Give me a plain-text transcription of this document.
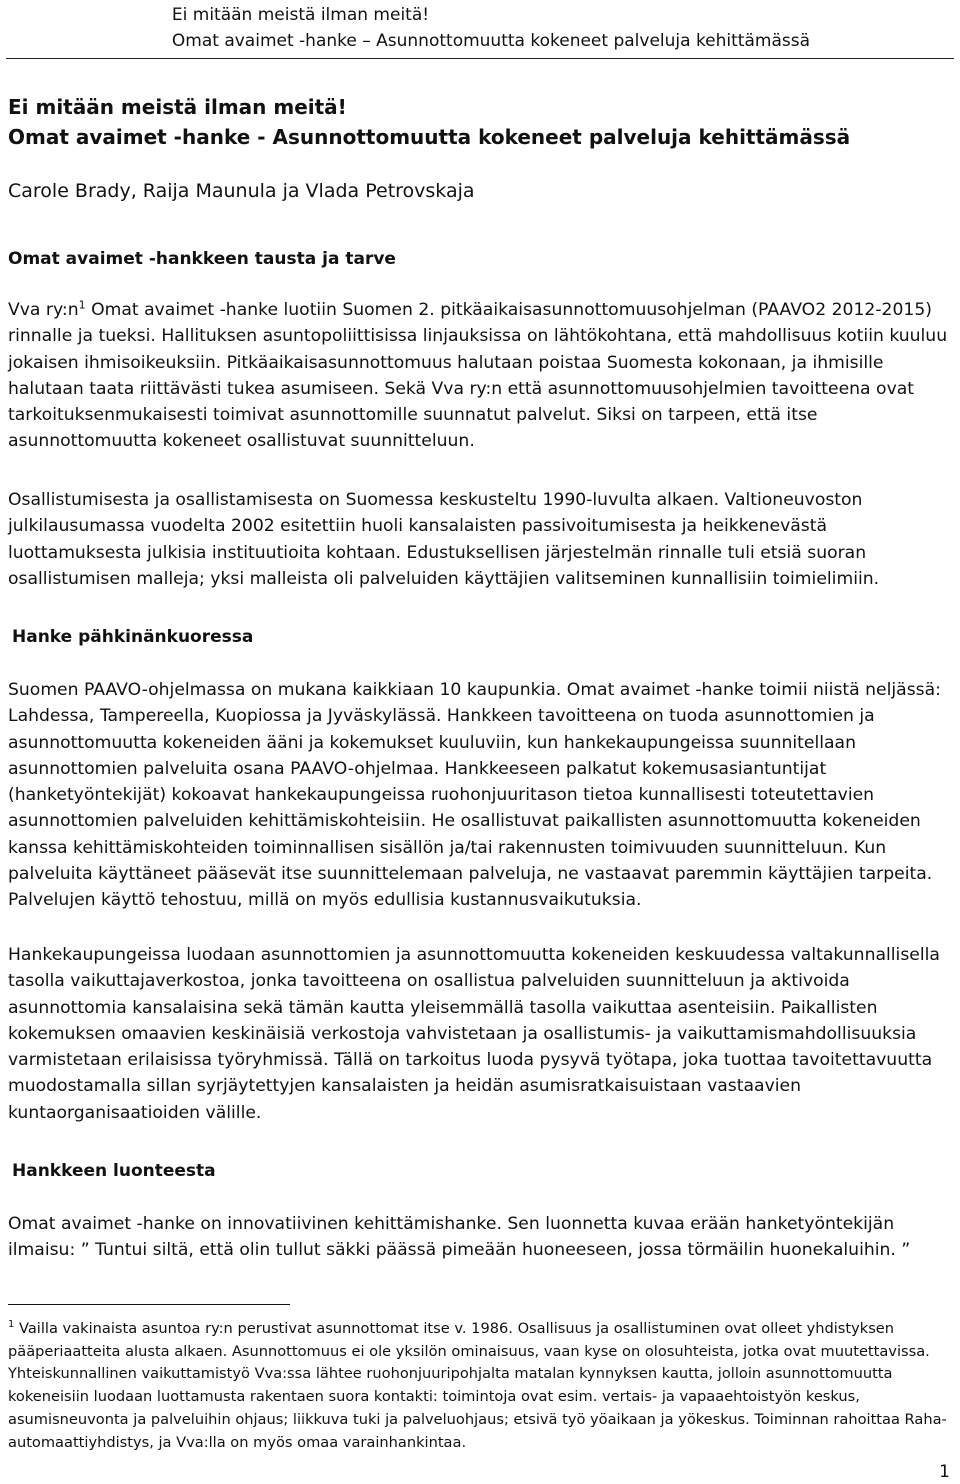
Ei mitään meistä ilman meitä!
Omat avaimet -hanke – Asunnottomuutta kokeneet palveluja kehittämässä
Ei mitään meistä ilman meitä!
Omat avaimet -hanke - Asunnottomuutta kokeneet palveluja kehittämässä
Carole Brady, Raija Maunula ja Vlada Petrovskaja
Omat avaimet -hankkeen tausta ja tarve

Vva $ry:n^1$ Omat avaimet -hanke luotiin Suomen 2. pitkäaikaisasunnottomuusohjelman (PAAVO2 2012-2015) rinnalle ja tueksi. Hallituksen asuntopoliittisissa linjauksissa on lähtökohtana, että mahdollisuus kotiin kuuluu jokaisen ihmisoikeuksiin. Pitkäaikaisasunnottomuus halutaan poistaa Suomesta kokonaan, ja ihmisille halutaan taata riittävästi tukea asumiseen. Sekä Vva ry:n että asunnottomuusohjelmien tavoitteena ovat tarkoituksenmukaisesti toimivat asunnottomille suunnatut palvelut. Siksi on tarpeen, että itse asunnottomuutta kokeneet osallistuvat suunnitteluun.

Osallistumisesta ja osallistamisesta on Suomessa keskusteltu 1990-luvulta alkaen. Valtioneuvoston julkilausumassa vuodelta 2002 esitettiin huoli kansalaisten passivoitumisesta ja heikkenevästä luottamuksesta julkisia instituutioita kohtaan. Edustuksellisen järjestelmän rinnalle tuli etsiä suoran osallistumisen malleja; yksi malleista oli palveluiden käyttäjien valitseminen kunnallisiin toimielimiin.

Hanke pähkinänkuoressa

Suomen PAAVO-ohjelmassa on mukana kaikkiaan 10 kaupunkia. Omat avaimet -hanke toimii niistä neljässä: Lahdessa, Tampereella, Kuopiossa ja Jyväskylässä. Hankkeen tavoitteena on tuoda asunnottomien ja asunnottomuutta kokeneiden ääni ja kokemukset kuuluviin, kun hankekaupungeissa suunnitellaan asunnottomien palveluita osana PAAVO-ohjelmaa. Hankkeeseen palkatut kokemusasiantuntijat (hanketyöntekijät) kokoavat hankekaupungeissa ruohonjuuritason tietoa kunnallisesti toteutettavien asunnottomien palveluiden kehittämiskohteisiin. He osallistuvat paikallisten asunnottomuutta kokeneiden kanssa kehittämiskohteiden toiminnallisen sisällön ja/tai rakennusten toimivuuden suunnitteluun. Kun palveluita käyttäneet pääsevät itse suunnittelemaan palveluja, ne vastaavat paremmin käyttäjien tarpeita. Palvelujen käyttö tehostuu, millä on myös edullisia kustannusvaikutuksia.

Hankekaupungeissa luodaan asunnottomien ja asunnottomuutta kokeneiden keskuudessa valtakunnallisella tasolla vaikuttajaverkostoa, jonka tavoitteena on osallistua palveluiden suunnitteluun ja aktivoida asunnottomia kansalaisina sekä tämän kautta yleisemmällä tasolla vaikuttaa asenteisiin. Paikallisten kokemuksen omaavien keskinäisiä verkostoja vahvistetaan ja osallistumis- ja vaikuttamismahdollisuuksia varmistetaan erilaisissa työryhmissä. Tällä on tarkoitus luoda pysyvä työtapa, joka tuottaa tavoitettavuutta muodostamalla sillan syrjäytettyjen kansalaisten ja heidän asumisratkaisuistaan vastaavien kuntaorganisaatioiden välille.

Hankkeen luonteesta

Omat avaimet -hanke on innovatiivinen kehittämishanke. Sen luonnetta kuvaa erään hanketyöntekijän ilmaisu: ” Tuntui siltä, että olin tullut säkki päässä pimeään huoneeseen, jossa törmäilin huonekaluihin. ”

$^1$ Vailla vakinaista asuntoa ry:n perustivat asunnottomat itse v. 1986. Osallisuus ja osallistuminen ovat olleet yhdistyksen pääperiaatteita alusta alkaen. Asunnottomuus ei ole yksilön ominaisuus, vaan kyse on olosuhteista, jotka ovat muutettavissa. Yhteiskunnallinen vaikuttamistyö Vva:ssa lähtee ruohonjuuripohjalta matalan kynnyksen kautta, jolloin asunnottomuutta kokeneisiin luodaan luottamusta rakentaen suora kontakti: toimintoja ovat esim. vertais- ja vapaaehtoistyön keskus, asumisneuvonta ja palveluihin ohjaus; liikkuva tuki ja palveluohjaus; etsivä työ yöaikaan ja yökeskus. Toiminnan rahoittaa Raha-automaattiyhdistys, ja Vva:lla on myös omaa varainhankintaa.

1
